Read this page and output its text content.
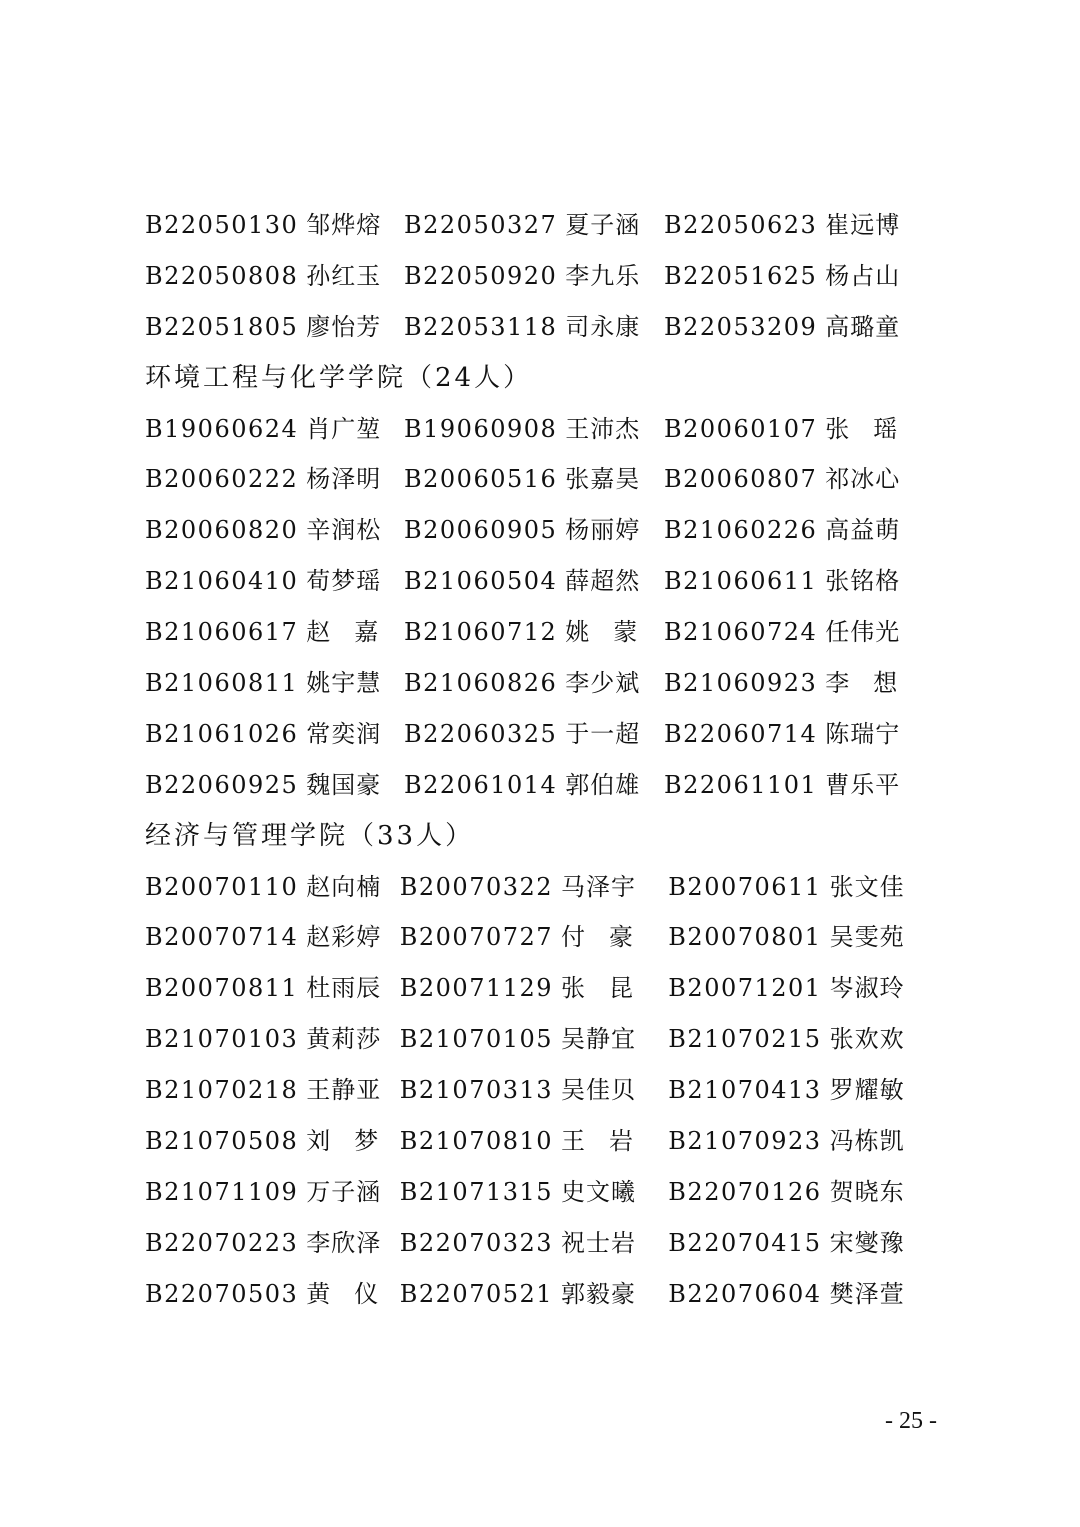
B22050130 邹烨熔 B22050327 夏子涵 B22050623 崔远博
B22050808 孙红玉 B22050920 李九乐 B22051625 杨占山
B22051805 廖怡芳 B22053118 司永康 B22053209 高璐童
环境工程与化学学院（24人）
B19060624 肖广堃 B19060908 王沛杰 B20060107 张　瑶
B20060222 杨泽明 B20060516 张嘉昊 B20060807 祁冰心
B20060820 辛润松 B20060905 杨丽婷 B21060226 高益萌
B21060410 荀梦瑶 B21060504 薛超然 B21060611 张铭格
B21060617 赵　嘉 B21060712 姚　蒙 B21060724 任伟光
B21060811 姚宇慧 B21060826 李少斌 B21060923 李　想
B21061026 常奕润 B22060325 于一超 B22060714 陈瑞宁
B22060925 魏国豪 B22061014 郭伯雄 B22061101 曹乐平
经济与管理学院（33人）
B20070110 赵向楠 B20070322 马泽宇 B20070611 张文佳
B20070714 赵彩婷 B20070727 付　豪 B20070801 吴雯苑
B20070811 杜雨辰 B20071129 张　昆 B20071201 岑淑玲
B21070103 黄莉莎 B21070105 吴静宜 B21070215 张欢欢
B21070218 王静亚 B21070313 吴佳贝 B21070413 罗耀敏
B21070508 刘　梦 B21070810 王　岩 B21070923 冯栋凯
B21071109 万子涵 B21071315 史文曦 B22070126 贺晓东
B22070223 李欣泽 B22070323 祝士岩 B22070415 宋燮豫
B22070503 黄　仪 B22070521 郭毅豪 B22070604 樊泽萱
- 25 -
